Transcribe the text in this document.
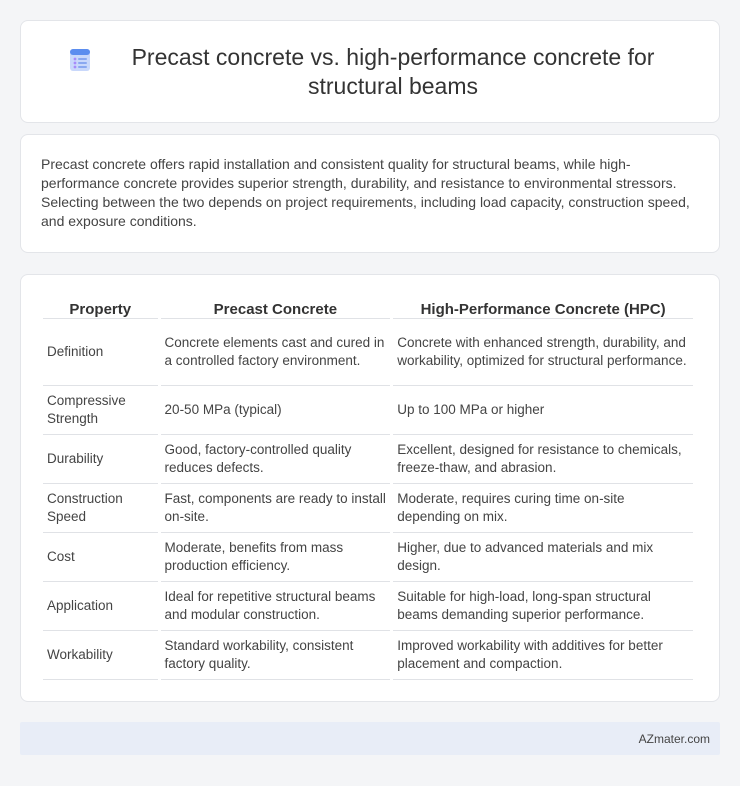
Precast concrete vs. high-performance concrete for structural beams

Precast concrete offers rapid installation and consistent quality for structural beams, while high-performance concrete provides superior strength, durability, and resistance to environmental stressors. Selecting between the two depends on project requirements, including load capacity, construction speed, and exposure conditions.

Property	Precast Concrete	High-Performance Concrete (HPC)
Definition	Concrete elements cast and cured in a controlled factory environment.	Concrete with enhanced strength, durability, and workability, optimized for structural performance.
Compressive Strength	20-50 MPa (typical)	Up to 100 MPa or higher
Durability	Good, factory-controlled quality reduces defects.	Excellent, designed for resistance to chemicals, freeze-thaw, and abrasion.
Construction Speed	Fast, components are ready to install on-site.	Moderate, requires curing time on-site depending on mix.
Cost	Moderate, benefits from mass production efficiency.	Higher, due to advanced materials and mix design.
Application	Ideal for repetitive structural beams and modular construction.	Suitable for high-load, long-span structural beams demanding superior performance.
Workability	Standard workability, consistent factory quality.	Improved workability with additives for better placement and compaction.
AZmater.com
